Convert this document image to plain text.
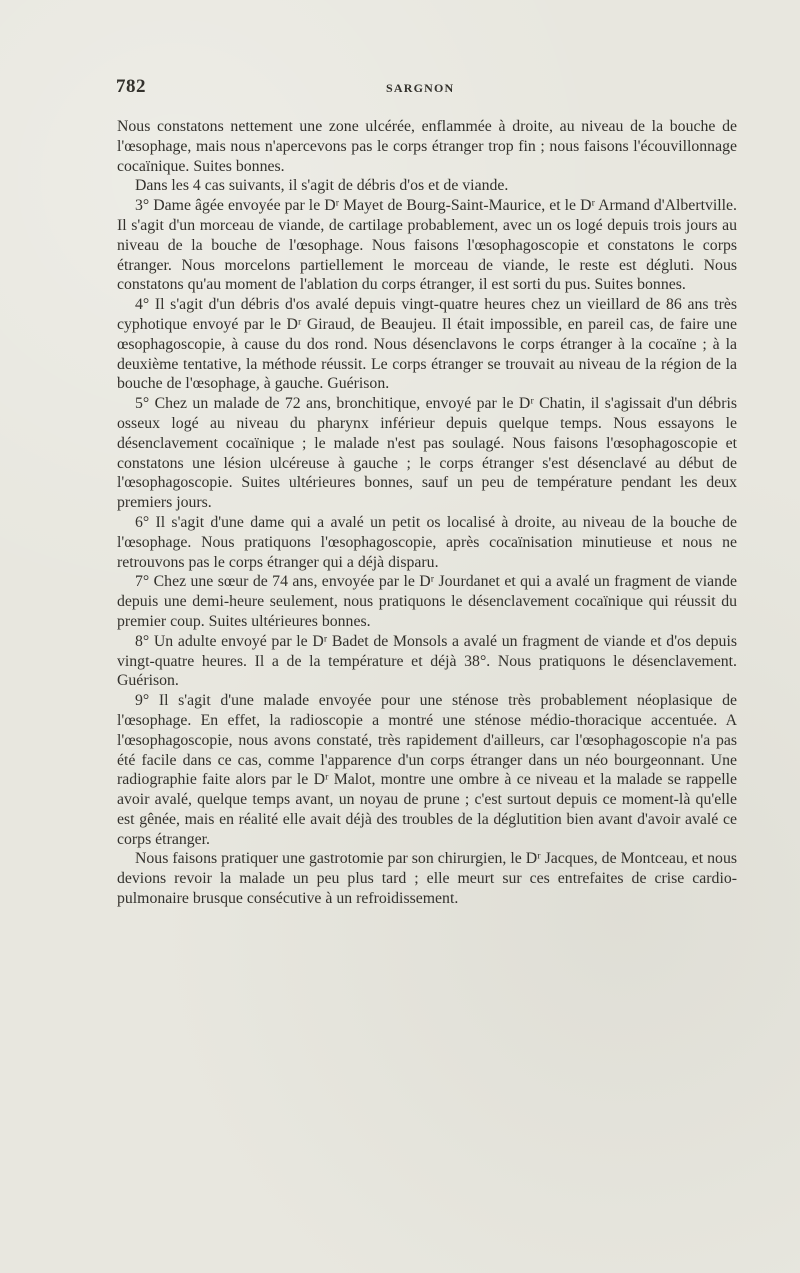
782	SARGNON

Nous constatons nettement une zone ulcérée, enflammée à droite, au niveau de la bouche de l'œsophage, mais nous n'apercevons pas le corps étranger trop fin ; nous faisons l'écouvillonnage cocaïnique. Suites bonnes.

Dans les 4 cas suivants, il s'agit de débris d'os et de viande.

3° Dame âgée envoyée par le Dʳ Mayet de Bourg-Saint-Maurice, et le Dʳ Armand d'Albertville. Il s'agit d'un morceau de viande, de cartilage probablement, avec un os logé depuis trois jours au niveau de la bouche de l'œsophage. Nous faisons l'œsophagoscopie et constatons le corps étranger. Nous morcelons partiellement le morceau de viande, le reste est dégluti. Nous constatons qu'au moment de l'ablation du corps étranger, il est sorti du pus. Suites bonnes.

4° Il s'agit d'un débris d'os avalé depuis vingt-quatre heures chez un vieillard de 86 ans très cyphotique envoyé par le Dʳ Giraud, de Beaujeu. Il était impossible, en pareil cas, de faire une œsophagoscopie, à cause du dos rond. Nous désenclavons le corps étranger à la cocaïne ; à la deuxième tentative, la méthode réussit. Le corps étranger se trouvait au niveau de la région de la bouche de l'œsophage, à gauche. Guérison.

5° Chez un malade de 72 ans, bronchitique, envoyé par le Dʳ Chatin, il s'agissait d'un débris osseux logé au niveau du pharynx inférieur depuis quelque temps. Nous essayons le désenclavement cocaïnique ; le malade n'est pas soulagé. Nous faisons l'œsophagoscopie et constatons une lésion ulcéreuse à gauche ; le corps étranger s'est désenclavé au début de l'œsophagoscopie. Suites ultérieures bonnes, sauf un peu de température pendant les deux premiers jours.

6° Il s'agit d'une dame qui a avalé un petit os localisé à droite, au niveau de la bouche de l'œsophage. Nous pratiquons l'œsophagoscopie, après cocaïnisation minutieuse et nous ne retrouvons pas le corps étranger qui a déjà disparu.

7° Chez une sœur de 74 ans, envoyée par le Dʳ Jourdanet et qui a avalé un fragment de viande depuis une demi-heure seulement, nous pratiquons le désenclavement cocaïnique qui réussit du premier coup. Suites ultérieures bonnes.

8° Un adulte envoyé par le Dʳ Badet de Monsols a avalé un fragment de viande et d'os depuis vingt-quatre heures. Il a de la température et déjà 38°. Nous pratiquons le désenclavement. Guérison.

9° Il s'agit d'une malade envoyée pour une sténose très probablement néoplasique de l'œsophage. En effet, la radioscopie a montré une sténose médio-thoracique accentuée. A l'œsophagoscopie, nous avons constaté, très rapidement d'ailleurs, car l'œsophagoscopie n'a pas été facile dans ce cas, comme l'apparence d'un corps étranger dans un néo bourgeonnant. Une radiographie faite alors par le Dʳ Malot, montre une ombre à ce niveau et la malade se rappelle avoir avalé, quelque temps avant, un noyau de prune ; c'est surtout depuis ce moment-là qu'elle est gênée, mais en réalité elle avait déjà des troubles de la déglutition bien avant d'avoir avalé ce corps étranger.

Nous faisons pratiquer une gastrotomie par son chirurgien, le Dʳ Jacques, de Montceau, et nous devions revoir la malade un peu plus tard ; elle meurt sur ces entrefaites de crise cardio-pulmonaire brusque consécutive à un refroidissement.
